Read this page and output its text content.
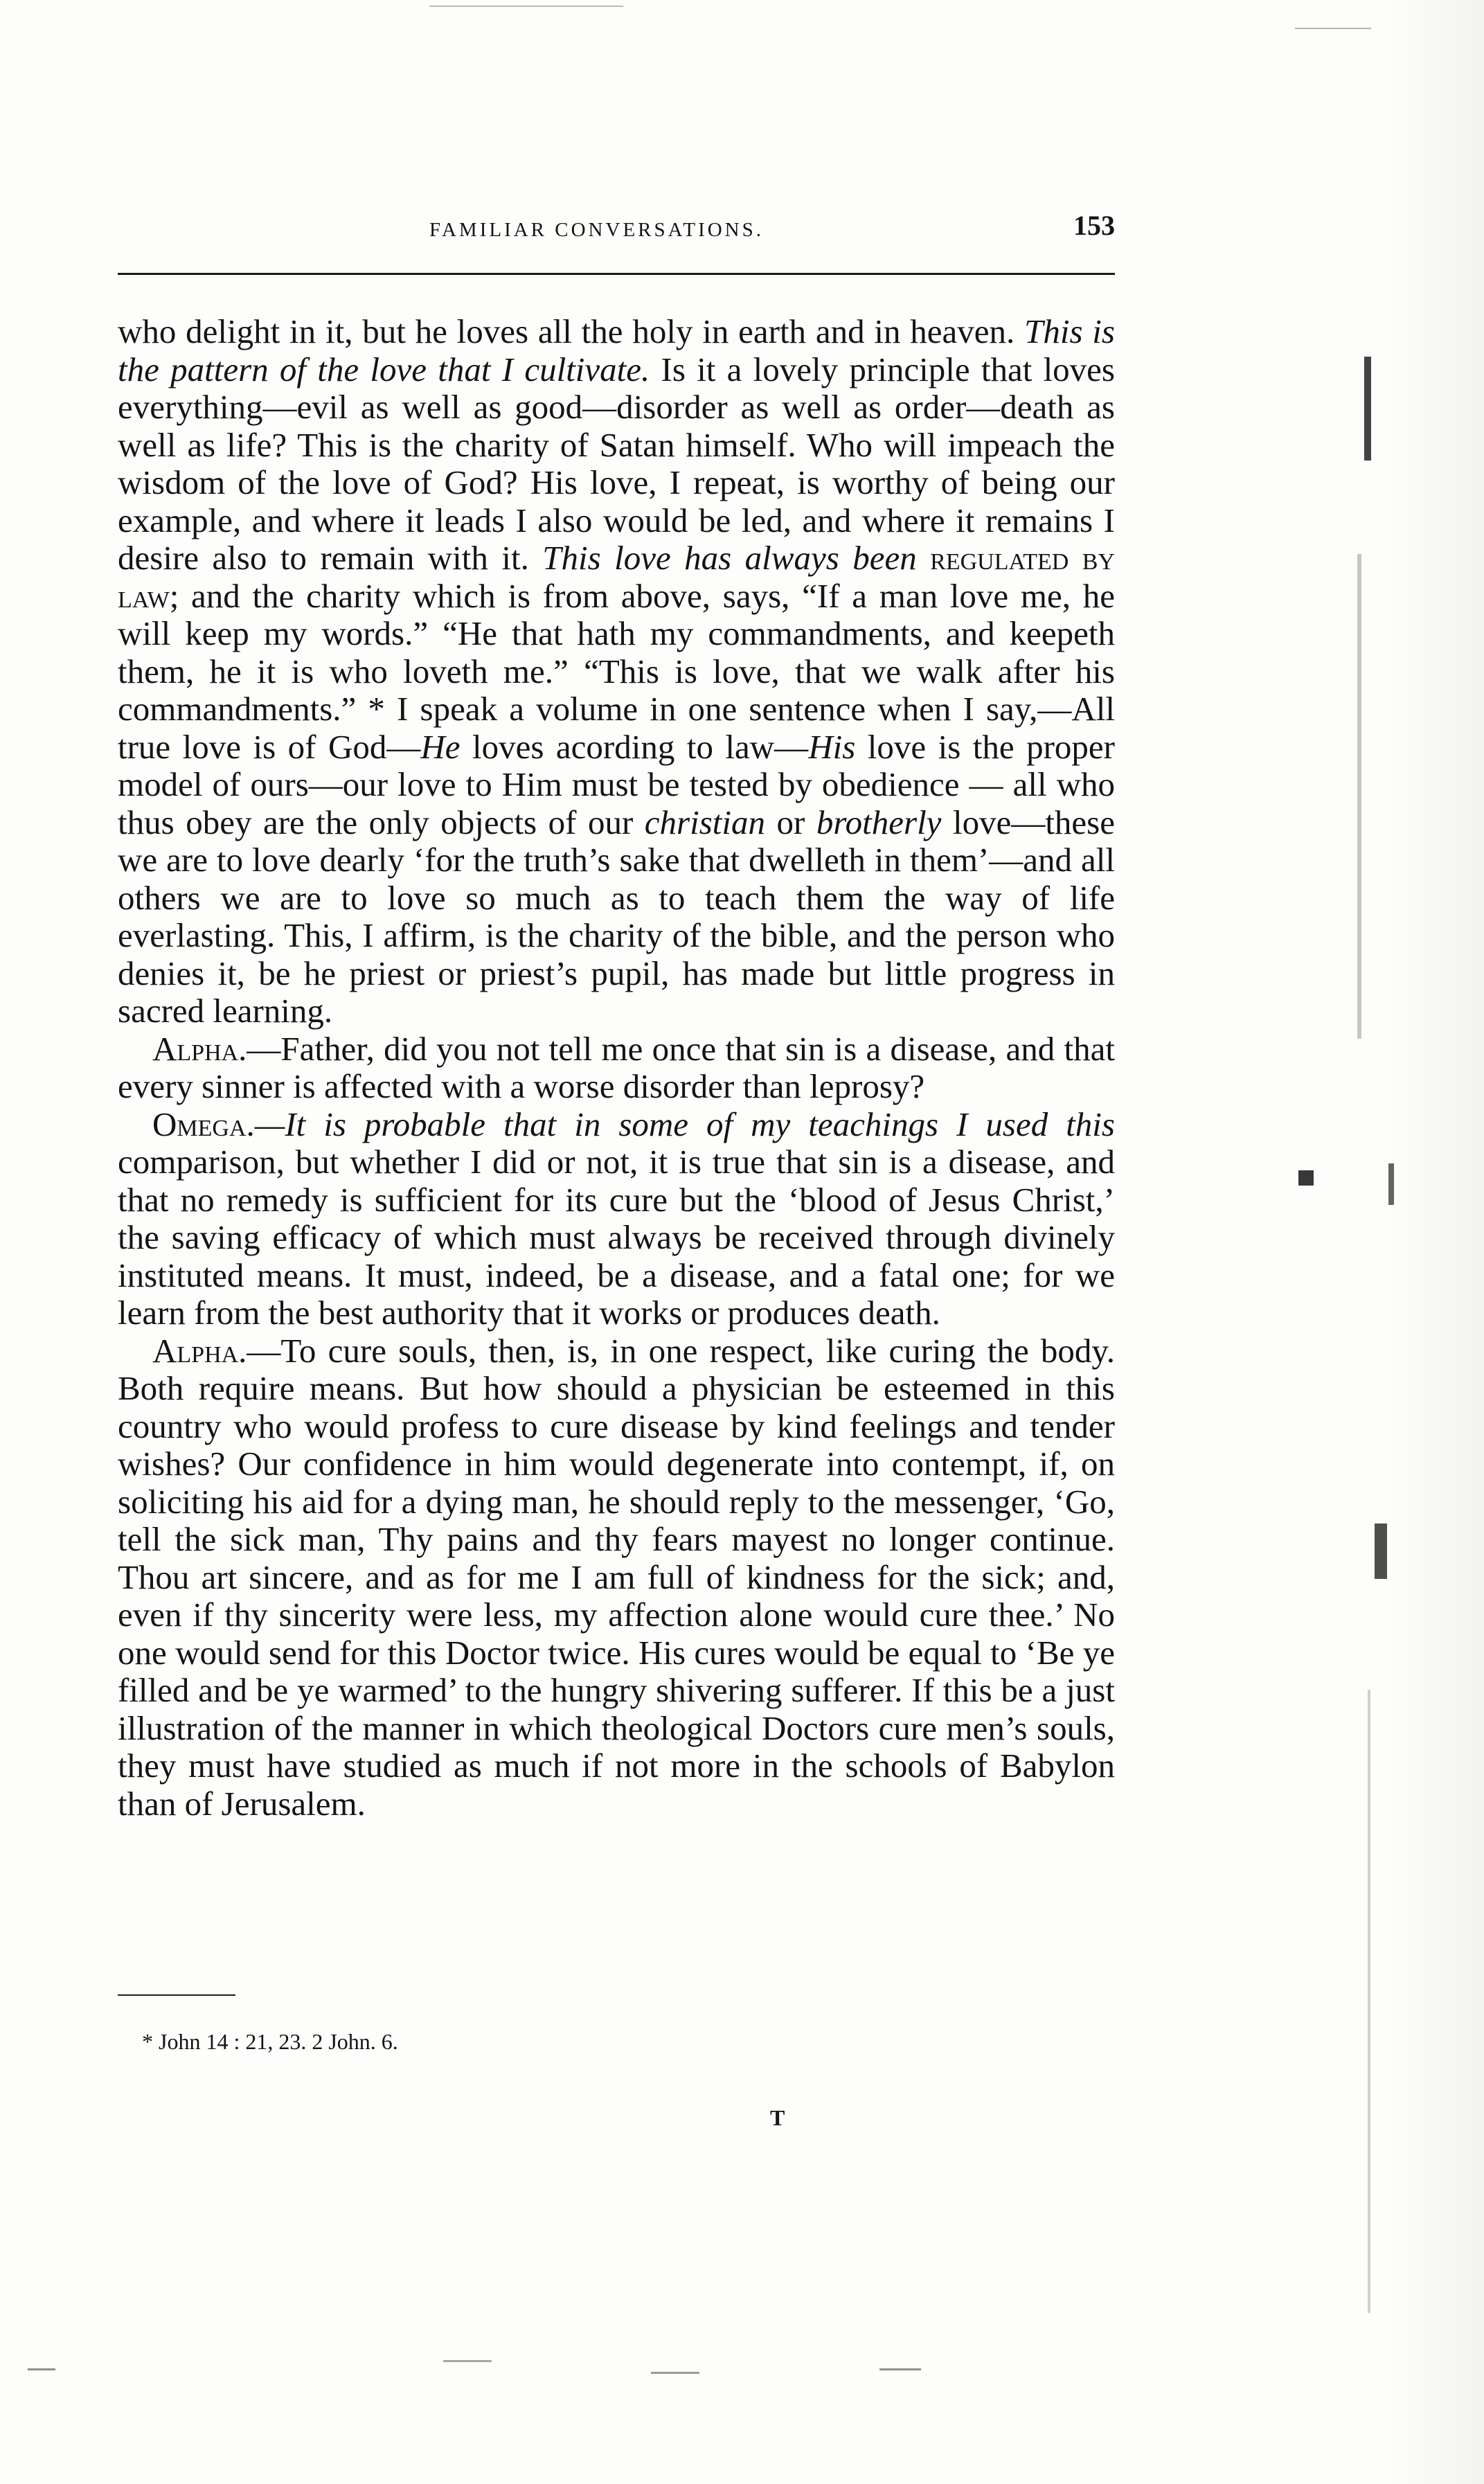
FAMILIAR CONVERSATIONS.	153

who delight in it, but he loves all the holy in earth and in heaven. This is the pattern of the love that I cultivate. Is it a lovely principle that loves everything—evil as well as good—disorder as well as order—death as well as life? This is the charity of Satan himself. Who will impeach the wisdom of the love of God? His love, I repeat, is worthy of being our example, and where it leads I also would be led, and where it remains I desire also to remain with it. This love has always been regulated by law; and the charity which is from above, says, “If a man love me, he will keep my words.” “He that hath my commandments, and keepeth them, he it is who loveth me.” “This is love, that we walk after his commandments.” * I speak a volume in one sentence when I say,—All true love is of God—He loves acording to law—His love is the proper model of ours—our love to Him must be tested by obedience — all who thus obey are the only objects of our christian or brotherly love—these we are to love dearly ‘for the truth’s sake that dwelleth in them’—and all others we are to love so much as to teach them the way of life everlasting. This, I affirm, is the charity of the bible, and the person who denies it, be he priest or priest’s pupil, has made but little progress in sacred learning.

Alpha.—Father, did you not tell me once that sin is a disease, and that every sinner is affected with a worse disorder than leprosy?

Omega.—It is probable that in some of my teachings I used this comparison, but whether I did or not, it is true that sin is a disease, and that no remedy is sufficient for its cure but the ‘blood of Jesus Christ,’ the saving efficacy of which must always be received through divinely instituted means. It must, indeed, be a disease, and a fatal one; for we learn from the best authority that it works or produces death.

Alpha.—To cure souls, then, is, in one respect, like curing the body. Both require means. But how should a physician be esteemed in this country who would profess to cure disease by kind feelings and tender wishes? Our confidence in him would degenerate into contempt, if, on soliciting his aid for a dying man, he should reply to the messenger, ‘Go, tell the sick man, Thy pains and thy fears mayest no longer continue. Thou art sincere, and as for me I am full of kindness for the sick; and, even if thy sincerity were less, my affection alone would cure thee.’ No one would send for this Doctor twice. His cures would be equal to ‘Be ye filled and be ye warmed’ to the hungry shivering sufferer. If this be a just illustration of the manner in which theological Doctors cure men’s souls, they must have studied as much if not more in the schools of Babylon than of Jerusalem.

* John 14 : 21, 23. 2 John. 6.
T
